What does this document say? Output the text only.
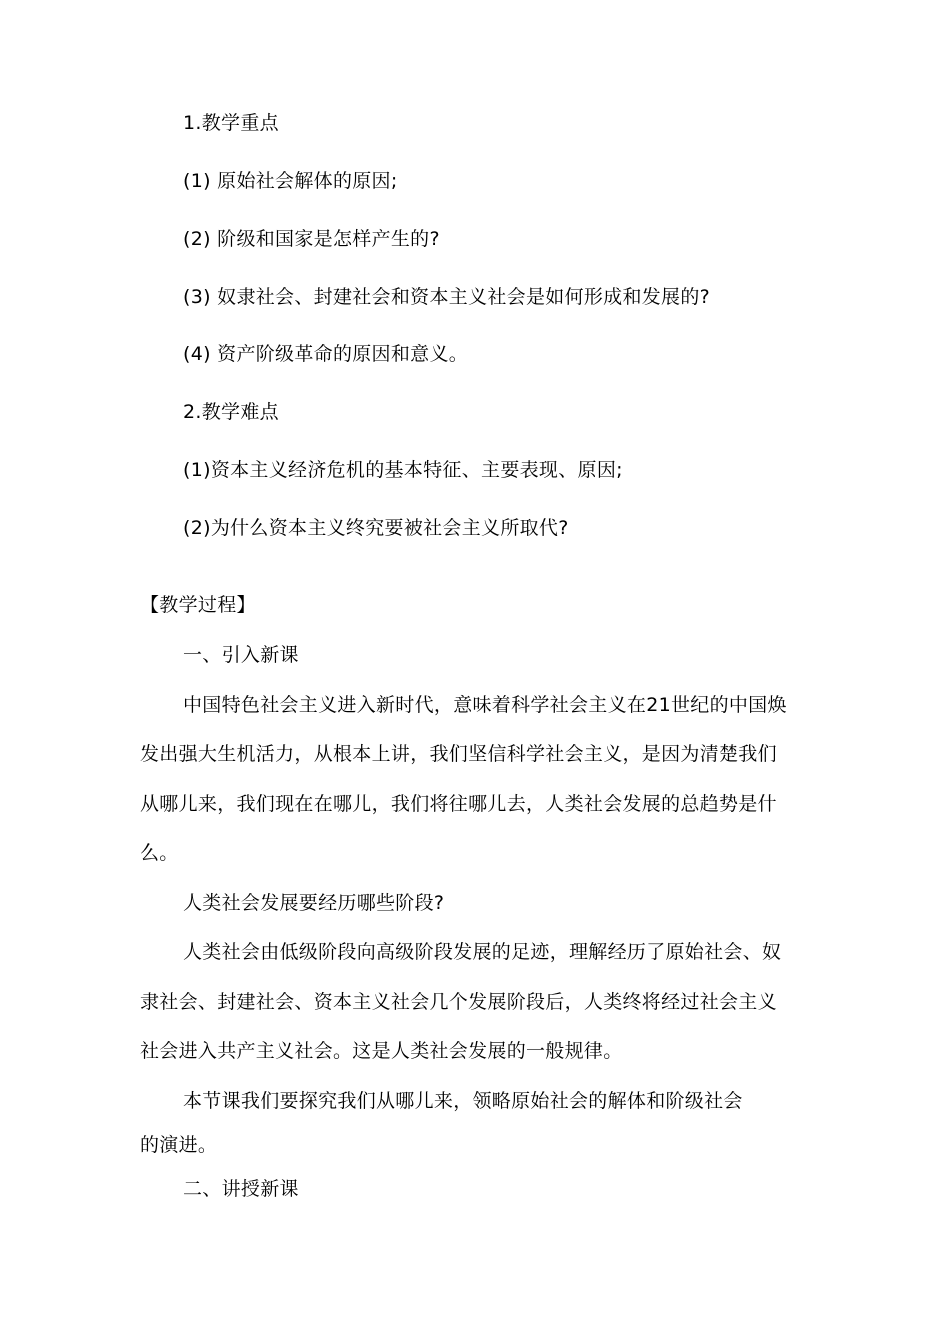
1.教学重点
(1) 原始社会解体的原因;
(2) 阶级和国家是怎样产生的?
(3) 奴隶社会、封建社会和资本主义社会是如何形成和发展的?
(4) 资产阶级革命的原因和意义。
2.教学难点
(1)资本主义经济危机的基本特征、主要表现、原因;
(2)为什么资本主义终究要被社会主义所取代?
【教学过程】
一、引入新课
中国特色社会主义进入新时代，意味着科学社会主义在21世纪的中国焕
发出强大生机活力，从根本上讲，我们坚信科学社会主义，是因为清楚我们
从哪儿来，我们现在在哪儿，我们将往哪儿去，人类社会发展的总趋势是什
么。
人类社会发展要经历哪些阶段?
人类社会由低级阶段向高级阶段发展的足迹，理解经历了原始社会、奴
隶社会、封建社会、资本主义社会几个发展阶段后，人类终将经过社会主义
社会进入共产主义社会。这是人类社会发展的一般规律。
本节课我们要探究我们从哪儿来，领略原始社会的解体和阶级社会
的演进。
二、讲授新课
